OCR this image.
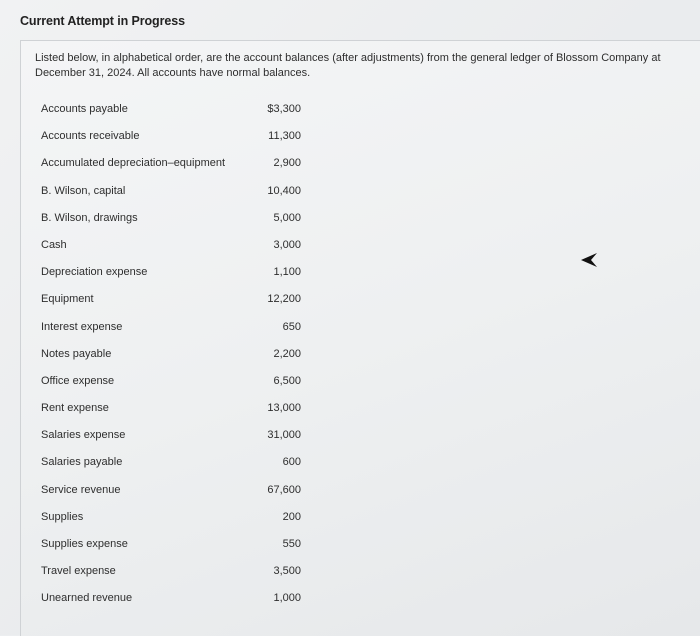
Current Attempt in Progress
Listed below, in alphabetical order, are the account balances (after adjustments) from the general ledger of Blossom Company at December 31, 2024. All accounts have normal balances.
Accounts payable	$3,300
Accounts receivable	11,300
Accumulated depreciation–equipment	2,900
B. Wilson, capital	10,400
B. Wilson, drawings	5,000
Cash	3,000
Depreciation expense	1,100
Equipment	12,200
Interest expense	650
Notes payable	2,200
Office expense	6,500
Rent expense	13,000
Salaries expense	31,000
Salaries payable	600
Service revenue	67,600
Supplies	200
Supplies expense	550
Travel expense	3,500
Unearned revenue	1,000
